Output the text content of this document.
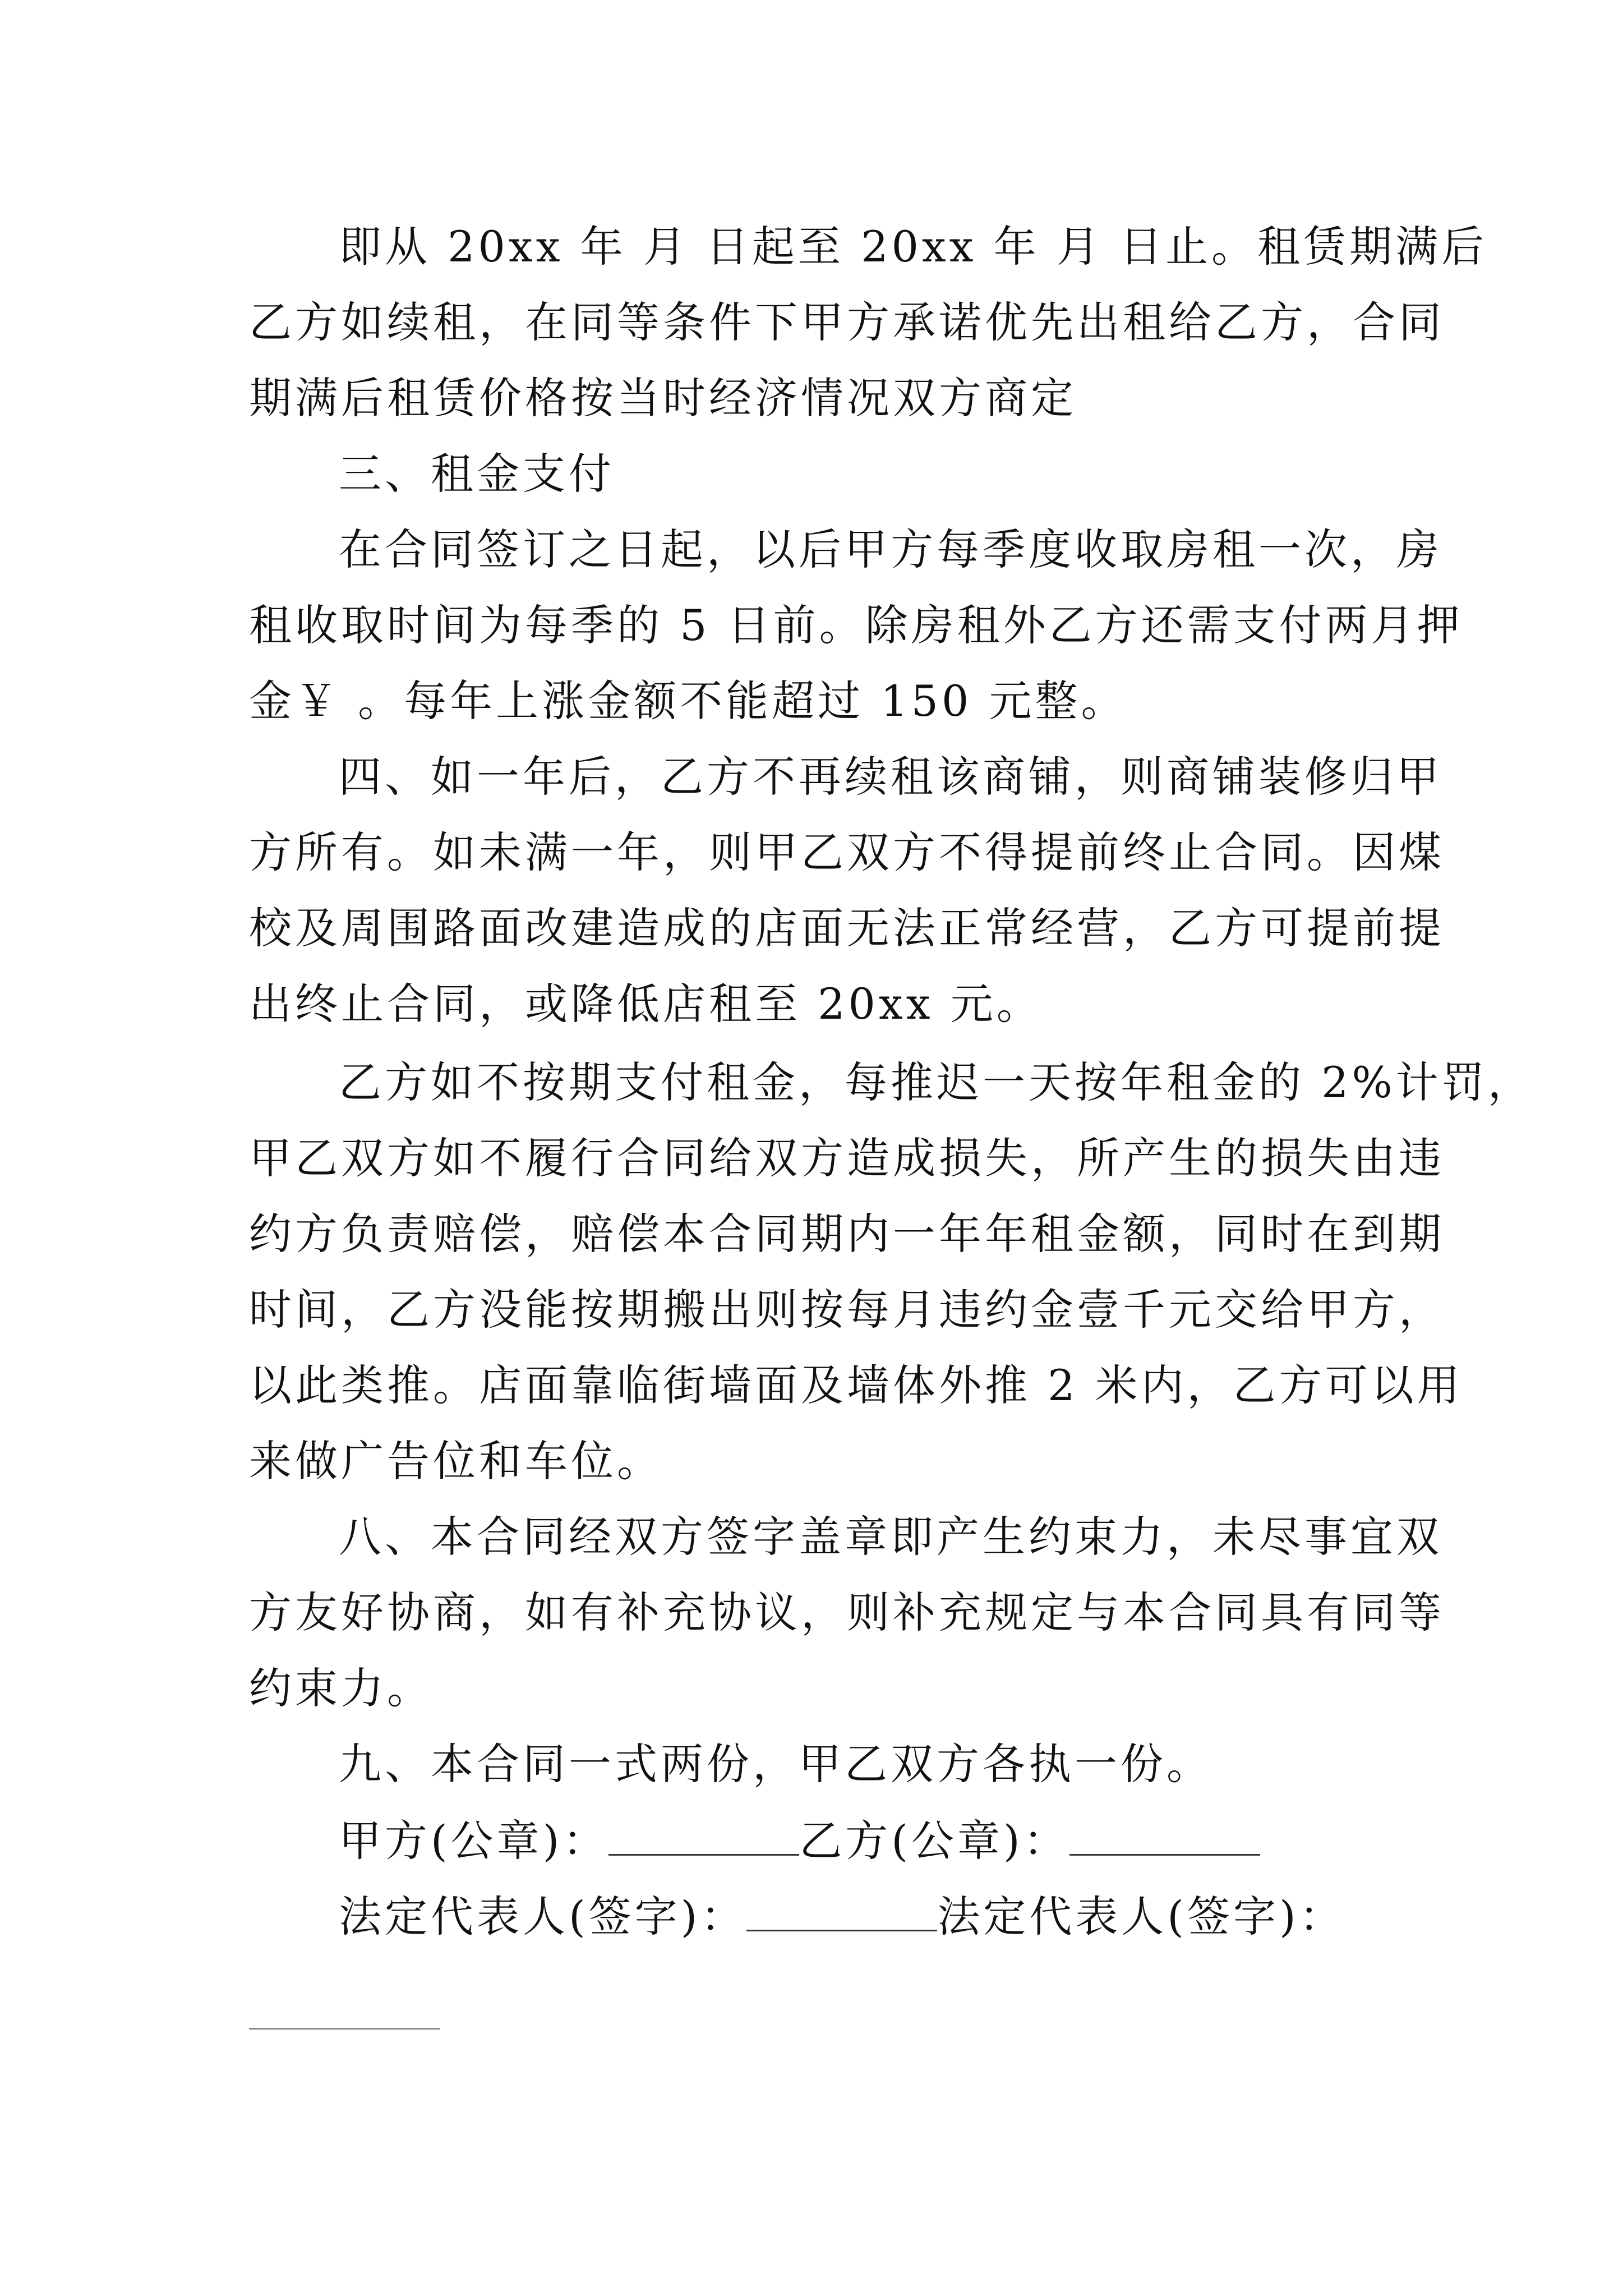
即从 20xx 年 月 日起至 20xx 年 月 日止。租赁期满后
乙方如续租，在同等条件下甲方承诺优先出租给乙方，合同
期满后租赁价格按当时经济情况双方商定
三、租金支付
在合同签订之日起，以后甲方每季度收取房租一次，房
租收取时间为每季的 5 日前。除房租外乙方还需支付两月押
金￥ 。每年上涨金额不能超过 150 元整。
四、如一年后，乙方不再续租该商铺，则商铺装修归甲
方所有。如未满一年，则甲乙双方不得提前终止合同。因煤
校及周围路面改建造成的店面无法正常经营，乙方可提前提
出终止合同，或降低店租至 20xx 元。
乙方如不按期支付租金，每推迟一天按年租金的 2%计罚，
甲乙双方如不履行合同给双方造成损失，所产生的损失由违
约方负责赔偿，赔偿本合同期内一年年租金额，同时在到期
时间，乙方没能按期搬出则按每月违约金壹千元交给甲方，
以此类推。店面靠临街墙面及墙体外推 2 米内，乙方可以用
来做广告位和车位。
八、本合同经双方签字盖章即产生约束力，未尽事宜双
方友好协商，如有补充协议，则补充规定与本合同具有同等
约束力。
九、本合同一式两份，甲乙双方各执一份。
甲方(公章)：	乙方(公章)：
法定代表人(签字)：	法定代表人(签字)：
